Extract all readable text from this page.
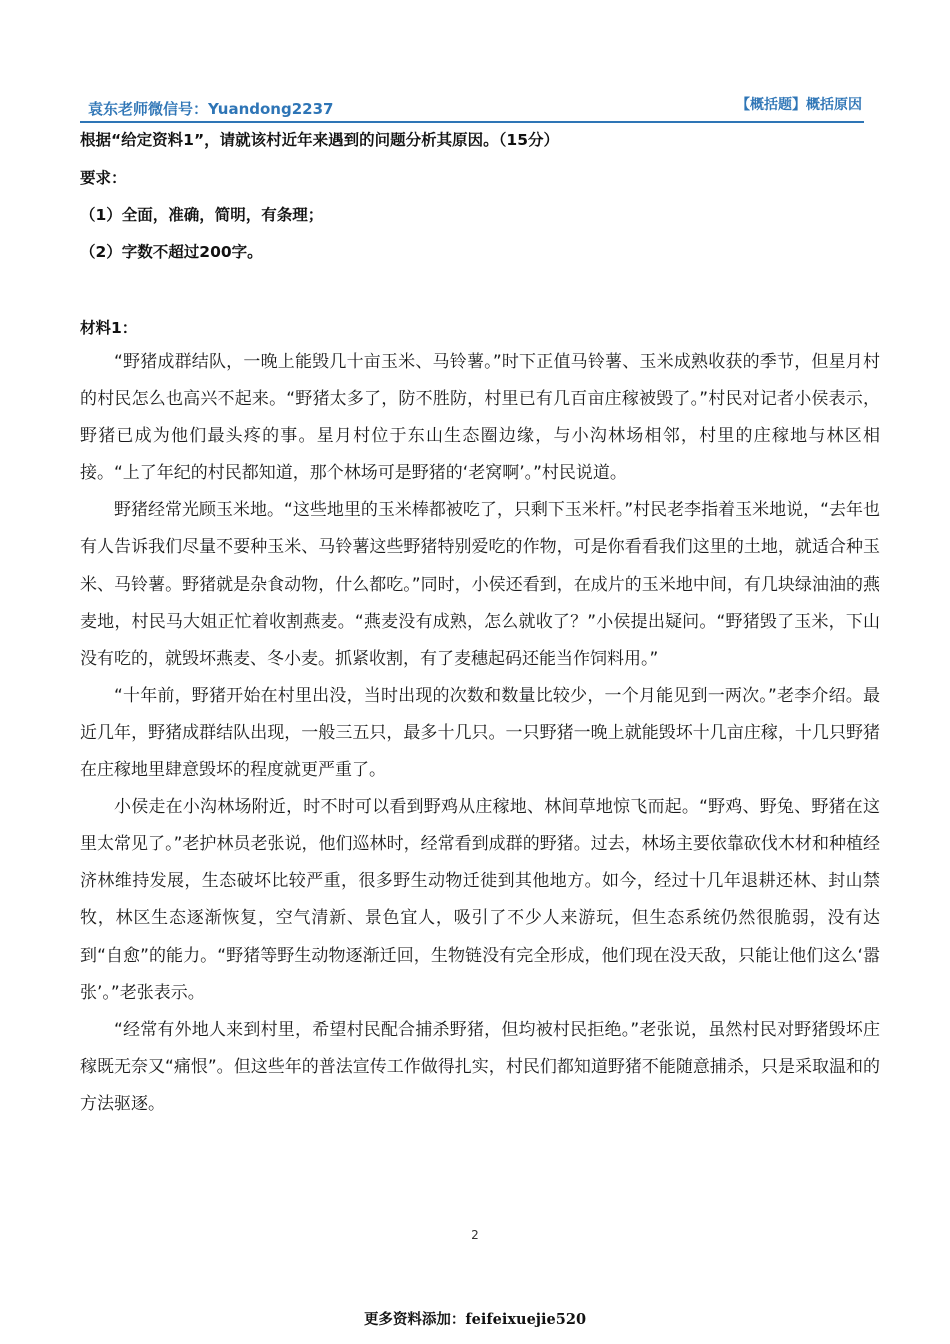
袁东老师微信号：Yuandong2237	【概括题】概括原因
根据“给定资料1”，请就该村近年来遇到的问题分析其原因。（15分）
要求：
（1）全面，准确，简明，有条理；
（2）字数不超过200字。
材料1：

“野猪成群结队，一晚上能毁几十亩玉米、马铃薯。”时下正值马铃薯、玉米成熟收获的季节，但星月村的村民怎么也高兴不起来。“野猪太多了，防不胜防，村里已有几百亩庄稼被毁了。”村民对记者小侯表示，野猪已成为他们最头疼的事。星月村位于东山生态圈边缘，与小沟林场相邻，村里的庄稼地与林区相接。“上了年纪的村民都知道，那个林场可是野猪的‘老窝啊’。”村民说道。

野猪经常光顾玉米地。“这些地里的玉米棒都被吃了，只剩下玉米杆。”村民老李指着玉米地说，“去年也有人告诉我们尽量不要种玉米、马铃薯这些野猪特别爱吃的作物，可是你看看我们这里的土地，就适合种玉米、马铃薯。野猪就是杂食动物，什么都吃。”同时，小侯还看到，在成片的玉米地中间，有几块绿油油的燕麦地，村民马大姐正忙着收割燕麦。“燕麦没有成熟，怎么就收了？”小侯提出疑问。“野猪毁了玉米，下山没有吃的，就毁坏燕麦、冬小麦。抓紧收割，有了麦穗起码还能当作饲料用。”

“十年前，野猪开始在村里出没，当时出现的次数和数量比较少，一个月能见到一两次。”老李介绍。最近几年，野猪成群结队出现，一般三五只，最多十几只。一只野猪一晚上就能毁坏十几亩庄稼，十几只野猪在庄稼地里肆意毁坏的程度就更严重了。

小侯走在小沟林场附近，时不时可以看到野鸡从庄稼地、林间草地惊飞而起。“野鸡、野兔、野猪在这里太常见了。”老护林员老张说，他们巡林时，经常看到成群的野猪。过去，林场主要依靠砍伐木材和种植经济林维持发展，生态破坏比较严重，很多野生动物迁徙到其他地方。如今，经过十几年退耕还林、封山禁牧，林区生态逐渐恢复，空气清新、景色宜人，吸引了不少人来游玩，但生态系统仍然很脆弱，没有达到“自愈”的能力。“野猪等野生动物逐渐迁回，生物链没有完全形成，他们现在没天敌，只能让他们这么‘嚣张’。”老张表示。

“经常有外地人来到村里，希望村民配合捕杀野猪，但均被村民拒绝。”老张说，虽然村民对野猪毁坏庄稼既无奈又“痛恨”。但这些年的普法宣传工作做得扎实，村民们都知道野猪不能随意捕杀，只是采取温和的方法驱逐。

2
更多资料添加：feifeixuejie520
